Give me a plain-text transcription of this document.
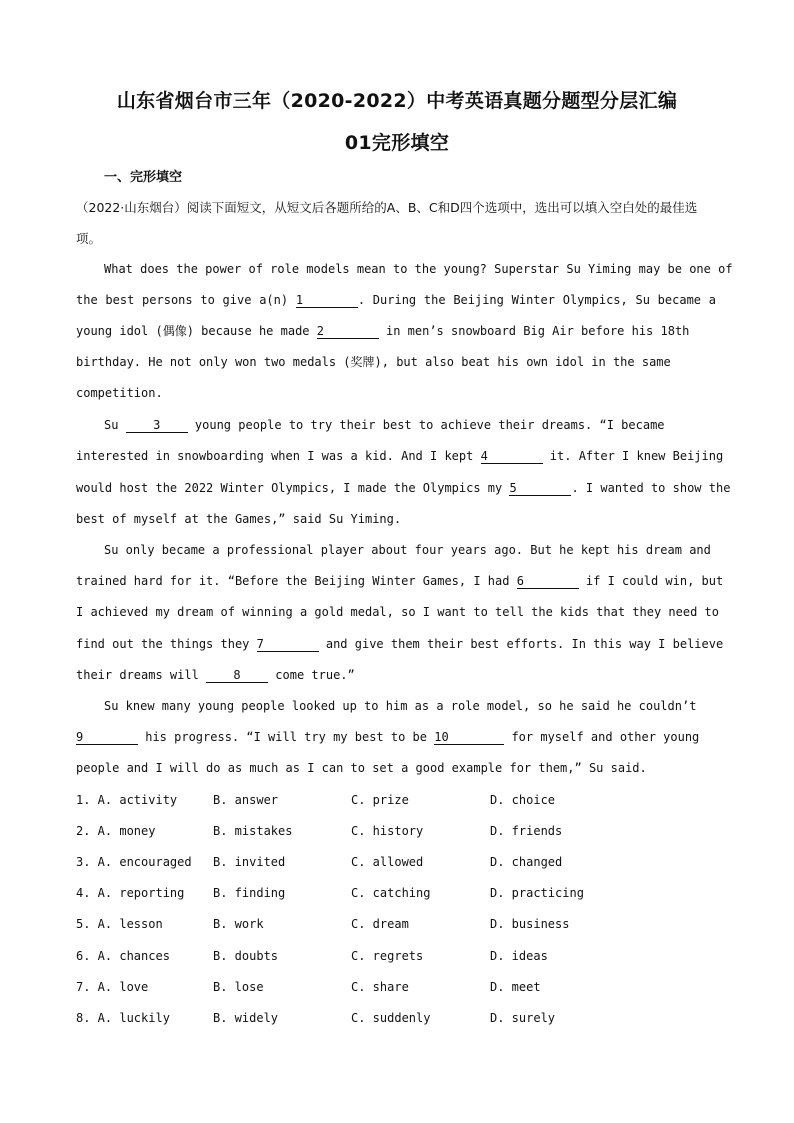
山东省烟台市三年（2020-2022）中考英语真题分题型分层汇编
01完形填空
一、完形填空
（2022·山东烟台）阅读下面短文，从短文后各题所给的A、B、C和D四个选项中，选出可以填入空白处的最佳选项。
What does the power of role models mean to the young? Superstar Su Yiming may be one of
the best persons to give a(n) 1	. During the Beijing Winter Olympics, Su became a
young idol (偶像) because he made 2	in men’s snowboard Big Air before his 18th
birthday. He not only won two medals (奖牌), but also beat his own idol in the same
competition.
Su 3 young people to try their best to achieve their dreams. “I became
interested in snowboarding when I was a kid. And I kept 4	it. After I knew Beijing
would host the 2022 Winter Olympics, I made the Olympics my 5	. I wanted to show the
best of myself at the Games,” said Su Yiming.
Su only became a professional player about four years ago. But he kept his dream and
trained hard for it. “Before the Beijing Winter Games, I had 6	if I could win, but
I achieved my dream of winning a gold medal, so I want to tell the kids that they need to
find out the things they 7	and give them their best efforts. In this way I believe
their dreams will 8 come true.”
Su knew many young people looked up to him as a role model, so he said he couldn’t
9	his progress. “I will try my best to be 10	for myself and other young
people and I will do as much as I can to set a good example for them,” Su said.
1. A. activity	B. answer	C. prize	D. choice
2. A. money	B. mistakes	C. history	D. friends
3. A. encouraged B. invited	C. allowed	D. changed
4. A. reporting B. finding	C. catching	D. practicing
5. A. lesson	B. work	C. dream	D. business
6. A. chances	B. doubts	C. regrets	D. ideas
7. A. love	B. lose	C. share	D. meet
8. A. luckily	B. widely	C. suddenly	D. surely
